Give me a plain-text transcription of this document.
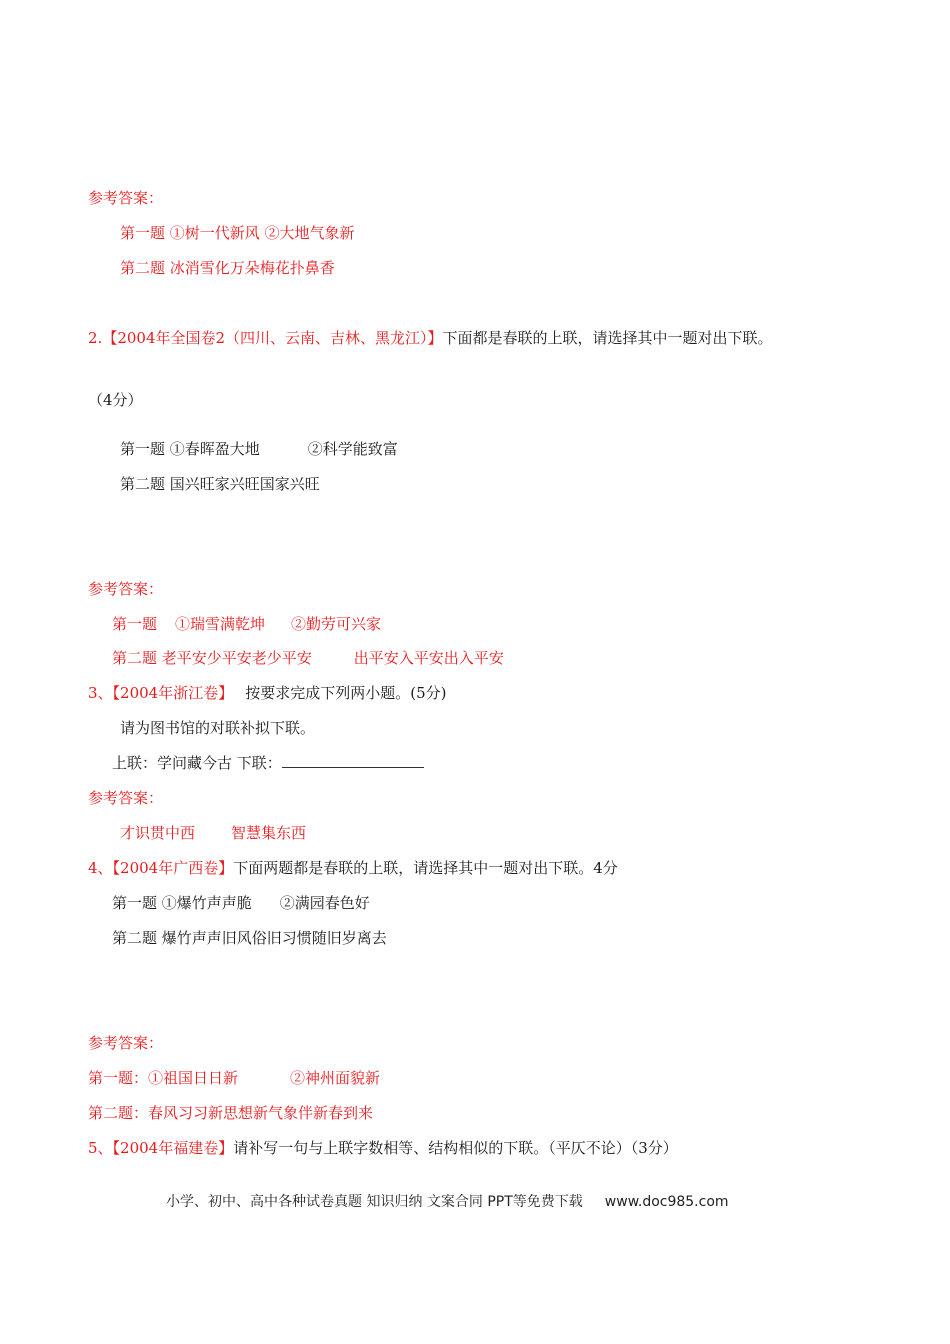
参考答案：
第一题 ①树一代新风 ②大地气象新
第二题 冰消雪化万朵梅花扑鼻香
2.【2004年全国卷2（四川、云南、吉林、黑龙江）】下面都是春联的上联，请选择其中一题对出下联。
（4分）
第一题 ①春晖盈大地	②科学能致富
第二题 国兴旺家兴旺国家兴旺
参考答案：
第一题 ①瑞雪满乾坤 ②勤劳可兴家
第二题 老平安少平安老少平安	出平安入平安出入平安
3、【2004年浙江卷】 按要求完成下列两小题。(5分)
请为图书馆的对联补拟下联。
上联：学问藏今古 下联：
参考答案：
才识贯中西 智慧集东西
4、【2004年广西卷】下面两题都是春联的上联，请选择其中一题对出下联。4分
第一题 ①爆竹声声脆 ②满园春色好
第二题 爆竹声声旧风俗旧习惯随旧岁离去
参考答案：
第一题：①祖国日日新	②神州面貌新
第二题：春风习习新思想新气象伴新春到来
5、【2004年福建卷】请补写一句与上联字数相等、结构相似的下联。（平仄不论）（3分）
小学、初中、高中各种试卷真题 知识归纳 文案合同 PPT等免费下载 www.doc985.com
